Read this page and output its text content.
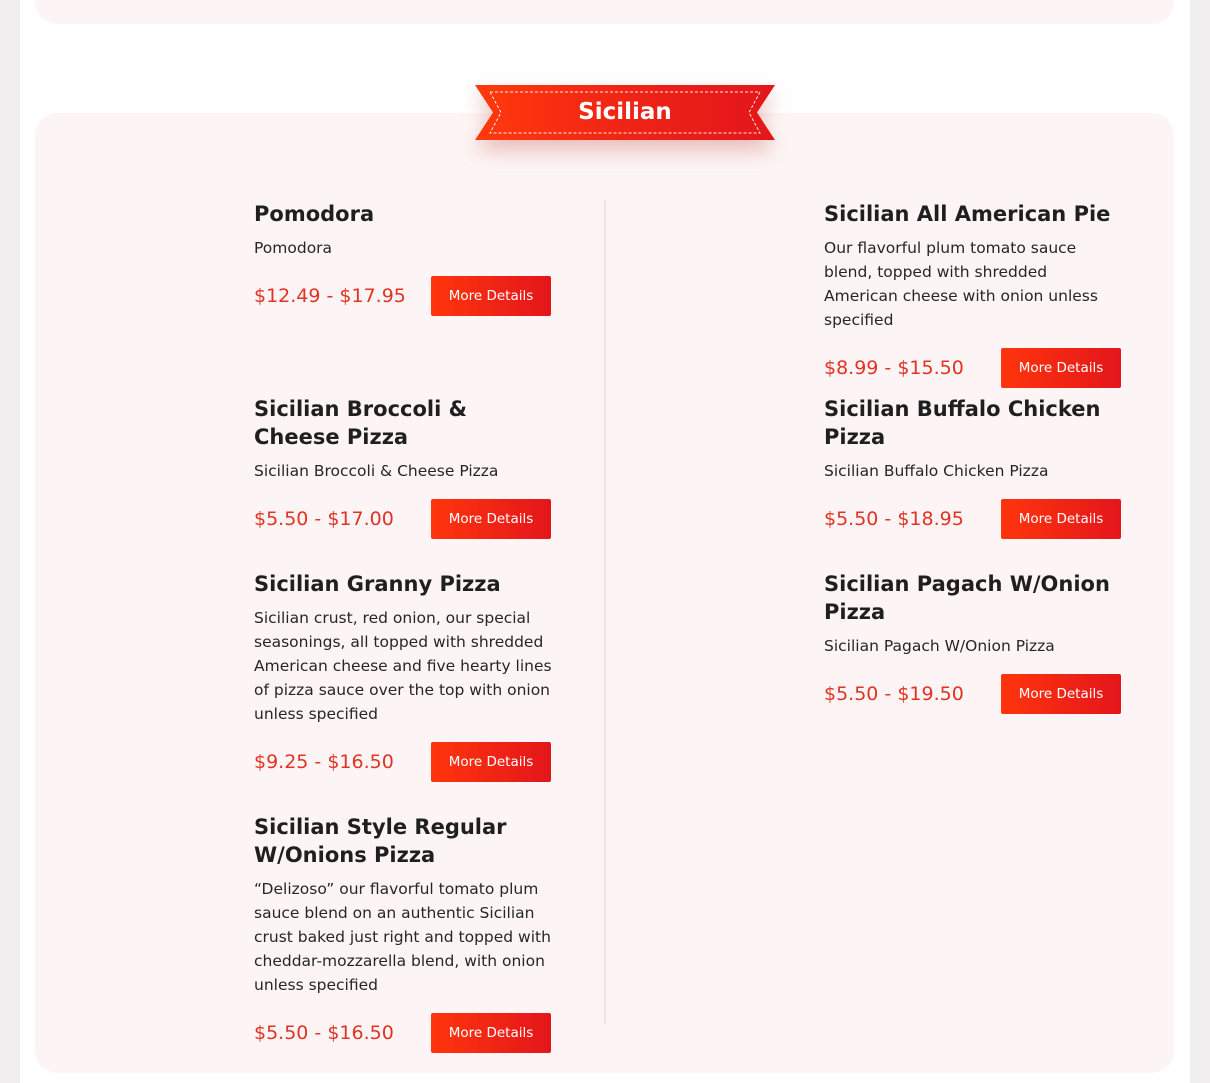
Sicilian
Pomodora

Pomodora

$12.49 - $17.95	More Details
Sicilian All American Pie

Our flavorful plum tomato sauce blend, topped with shredded American cheese with onion unless specified

$8.99 - $15.50	More Details
Sicilian Broccoli & Cheese Pizza

Sicilian Broccoli & Cheese Pizza

$5.50 - $17.00	More Details
Sicilian Buffalo Chicken Pizza

Sicilian Buffalo Chicken Pizza

$5.50 - $18.95	More Details
Sicilian Granny Pizza

Sicilian crust, red onion, our special seasonings, all topped with shredded American cheese and five hearty lines of pizza sauce over the top with onion unless specified

$9.25 - $16.50	More Details
Sicilian Pagach W/Onion Pizza

Sicilian Pagach W/Onion Pizza

$5.50 - $19.50	More Details
Sicilian Style Regular W/Onions Pizza

“Delizoso” our flavorful tomato plum sauce blend on an authentic Sicilian crust baked just right and topped with cheddar-mozzarella blend, with onion unless specified

$5.50 - $16.50	More Details
